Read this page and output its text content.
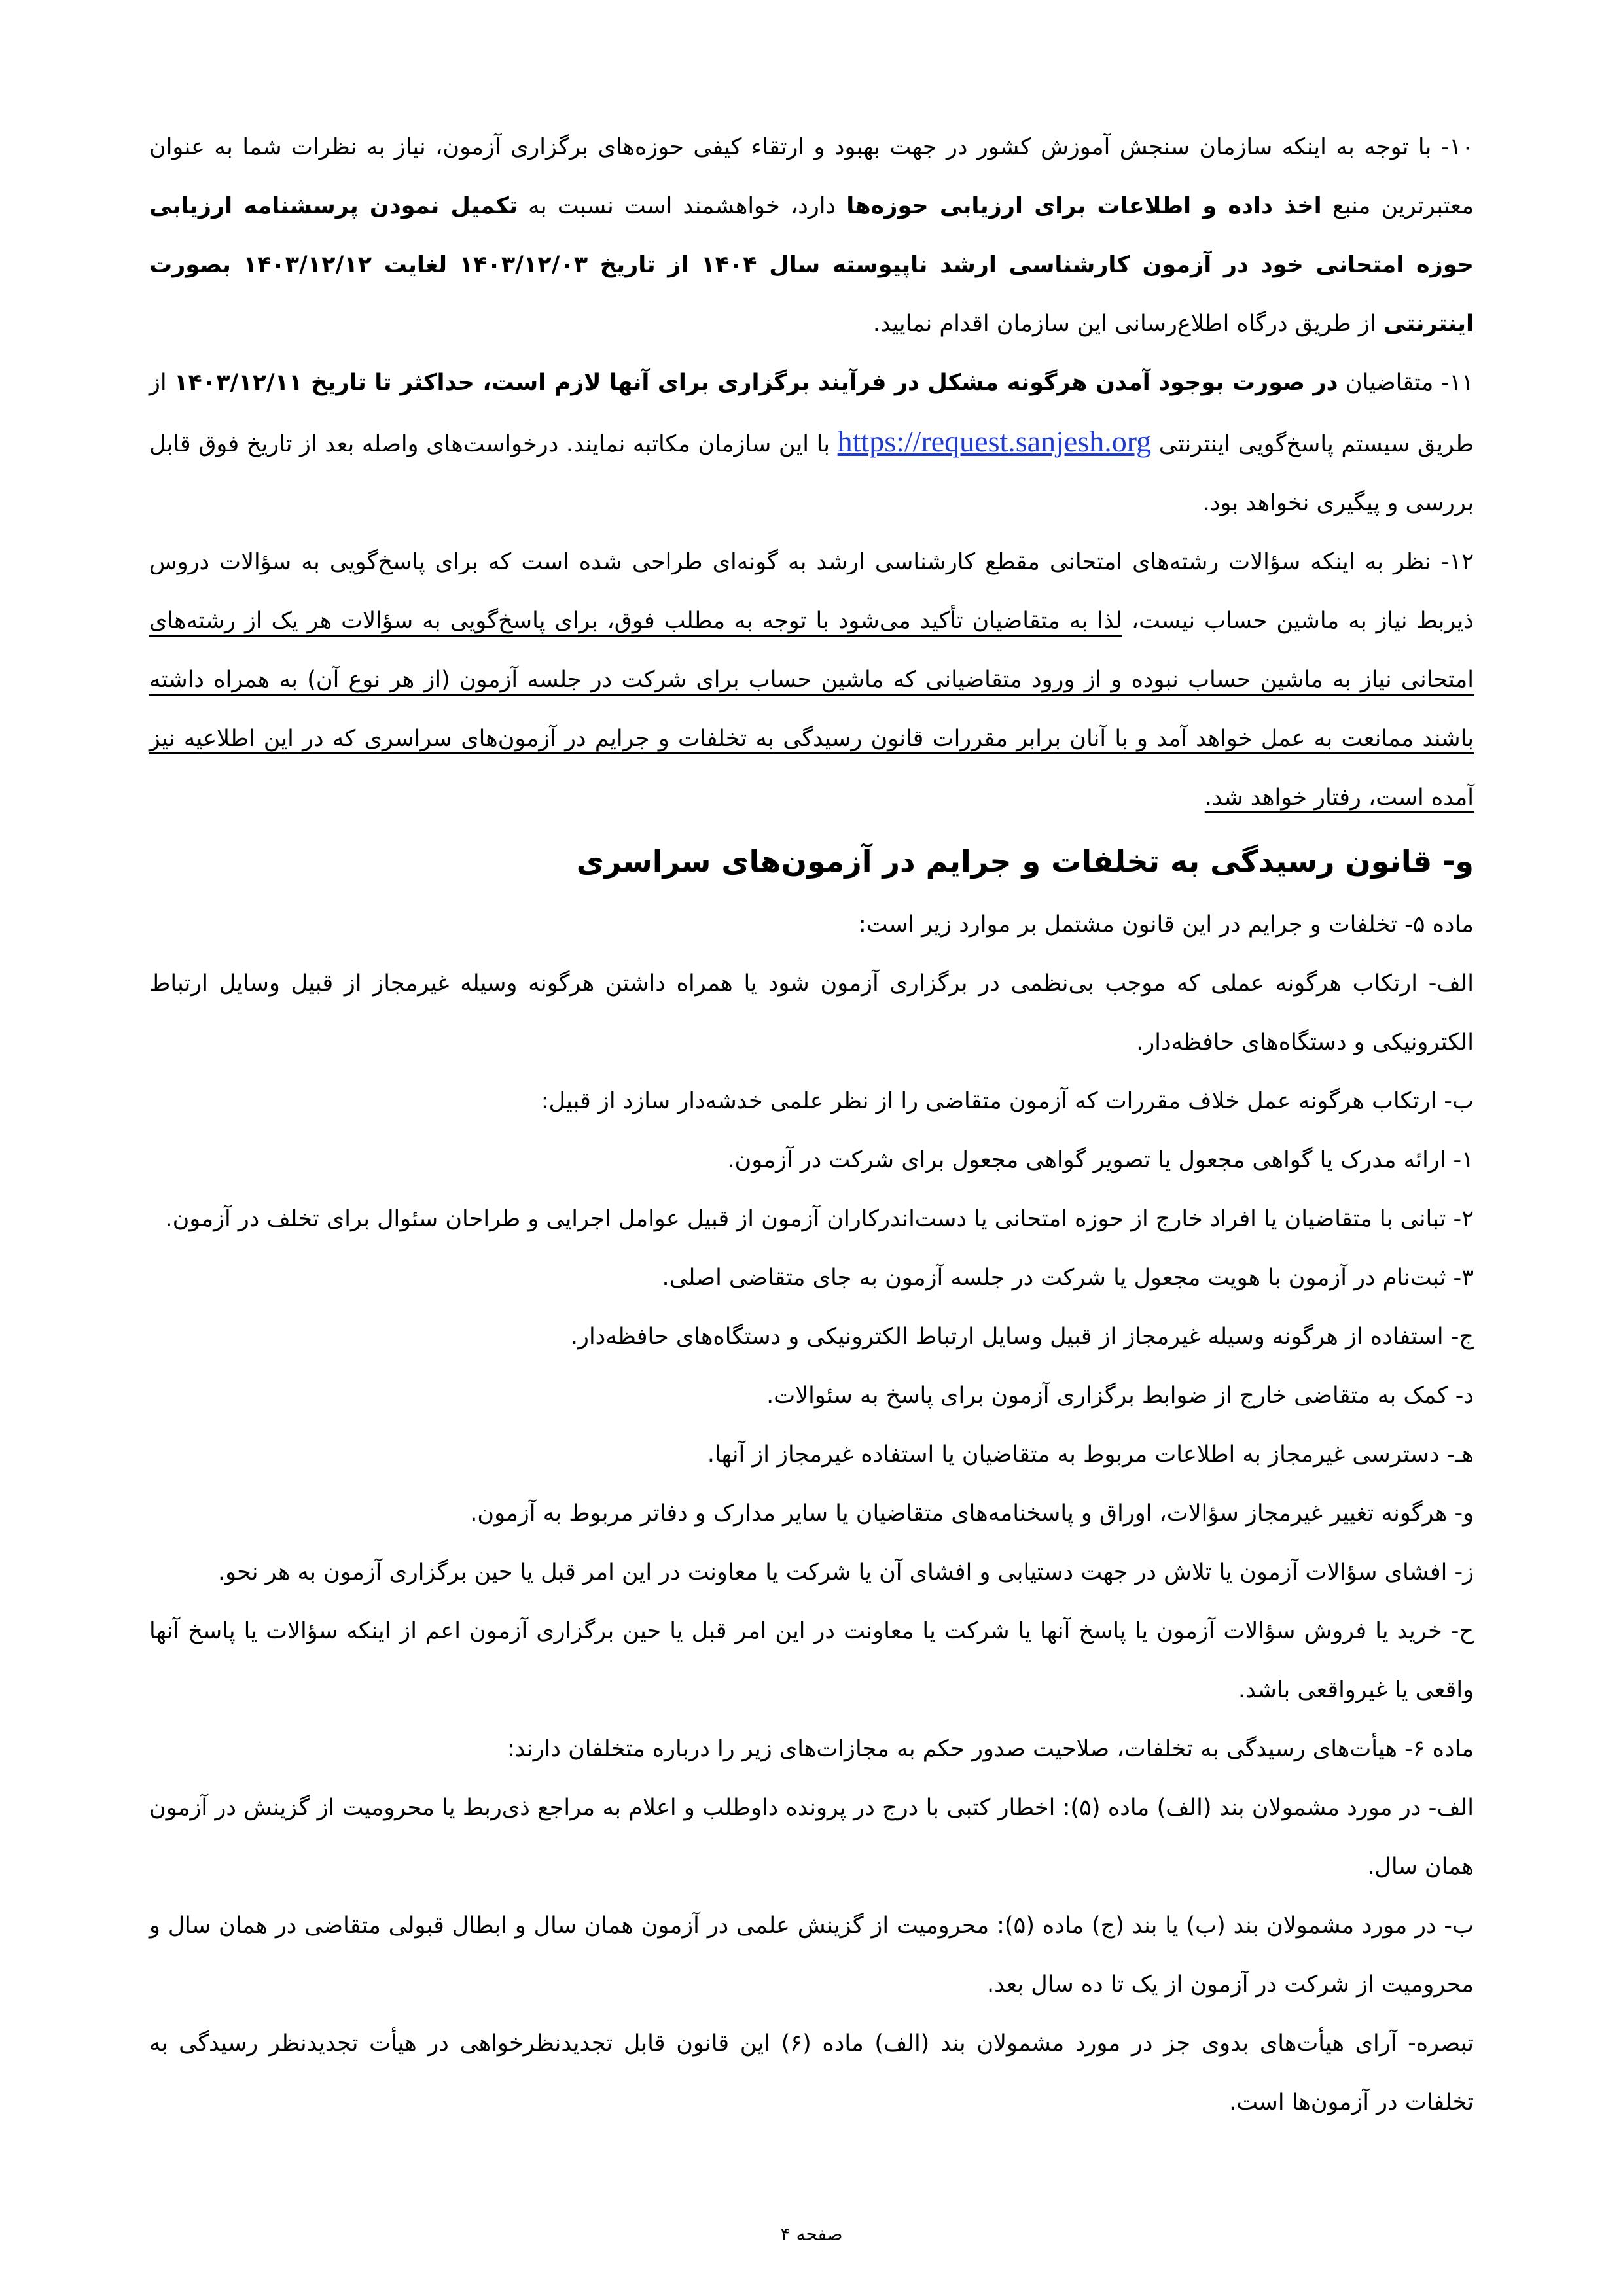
۱۰- با توجه به اینکه سازمان سنجش آموزش کشور در جهت بهبود و ارتقاء کیفی حوزه‌های برگزاری آزمون، نیاز به نظرات شما به عنوان معتبرترین منبع اخذ داده و اطلاعات برای ارزیابی حوزه‌ها دارد، خواهشمند است نسبت به تکمیل نمودن پرسشنامه ارزیابی حوزه امتحانی خود در آزمون کارشناسی ارشد ناپیوسته سال ۱۴۰۴ از تاریخ ۱۴۰۳/۱۲/۰۳ لغایت ۱۴۰۳/۱۲/۱۲ بصورت اینترنتی از طریق درگاه اطلاع‌رسانی این سازمان اقدام نمایید.

۱۱- متقاضیان در صورت بوجود آمدن هرگونه مشکل در فرآیند برگزاری برای آنها لازم است، حداکثر تا تاریخ ۱۴۰۳/۱۲/۱۱ از طریق سیستم پاسخ‌گویی اینترنتی https://request.sanjesh.org با این سازمان مکاتبه نمایند. درخواست‌های واصله بعد از تاریخ فوق قابل بررسی و پیگیری نخواهد بود.

۱۲- نظر به اینکه سؤالات رشته‌های امتحانی مقطع کارشناسی ارشد به گونه‌ای طراحی شده است که برای پاسخ‌گویی به سؤالات دروس ذیربط نیاز به ماشین حساب نیست، لذا به متقاضیان تأکید می‌شود با توجه به مطلب فوق، برای پاسخ‌گویی به سؤالات هر یک از رشته‌های امتحانی نیاز به ماشین حساب نبوده و از ورود متقاضیانی که ماشین حساب برای شرکت در جلسه آزمون (از هر نوع آن) به همراه داشته باشند ممانعت به عمل خواهد آمد و با آنان برابر مقررات قانون رسیدگی به تخلفات و جرایم در آزمون‌های سراسری که در این اطلاعیه نیز آمده است، رفتار خواهد شد.

و- قانون رسیدگی به تخلفات و جرایم در آزمون‌های سراسری

ماده ۵- تخلفات و جرایم در این قانون مشتمل بر موارد زیر است:

الف- ارتکاب هرگونه عملی که موجب بی‌نظمی در برگزاری آزمون شود یا همراه داشتن هرگونه وسیله غیرمجاز از قبیل وسایل ارتباط الکترونیکی و دستگاه‌های حافظه‌دار.

ب- ارتکاب هرگونه عمل خلاف مقررات که آزمون متقاضی را از نظر علمی خدشه‌دار سازد از قبیل:

۱- ارائه مدرک یا گواهی مجعول یا تصویر گواهی مجعول برای شرکت در آزمون.

۲- تبانی با متقاضیان یا افراد خارج از حوزه امتحانی یا دست‌اندرکاران آزمون از قبیل عوامل اجرایی و طراحان سئوال برای تخلف در آزمون.

۳- ثبت‌نام در آزمون با هویت مجعول یا شرکت در جلسه آزمون به جای متقاضی اصلی.

ج- استفاده از هرگونه وسیله غیرمجاز از قبیل وسایل ارتباط الکترونیکی و دستگاه‌های حافظه‌دار.

د- کمک به متقاضی خارج از ضوابط برگزاری آزمون برای پاسخ به سئوالات.

هـ- دسترسی غیرمجاز به اطلاعات مربوط به متقاضیان یا استفاده غیرمجاز از آنها.

و- هرگونه تغییر غیرمجاز سؤالات، اوراق و پاسخنامه‌های متقاضیان یا سایر مدارک و دفاتر مربوط به آزمون.

ز- افشای سؤالات آزمون یا تلاش در جهت دستیابی و افشای آن یا شرکت یا معاونت در این امر قبل یا حین برگزاری آزمون به هر نحو.

ح- خرید یا فروش سؤالات آزمون یا پاسخ آنها یا شرکت یا معاونت در این امر قبل یا حین برگزاری آزمون اعم از اینکه سؤالات یا پاسخ آنها واقعی یا غیرواقعی باشد.

ماده ۶- هیأت‌های رسیدگی به تخلفات، صلاحیت صدور حکم به مجازات‌های زیر را درباره متخلفان دارند:

الف- در مورد مشمولان بند (الف) ماده (۵): اخطار کتبی با درج در پرونده داوطلب و اعلام به مراجع ذی‌ربط یا محرومیت از گزینش در آزمون همان سال.

ب- در مورد مشمولان بند (ب) یا بند (ج) ماده (۵): محرومیت از گزینش علمی در آزمون همان سال و ابطال قبولی متقاضی در همان سال و محرومیت از شرکت در آزمون از یک تا ده سال بعد.

تبصره- آرای هیأت‌های بدوی جز در مورد مشمولان بند (الف) ماده (۶) این قانون قابل تجدیدنظرخواهی در هیأت تجدیدنظر رسیدگی به تخلفات در آزمون‌ها است.

صفحه ۴
